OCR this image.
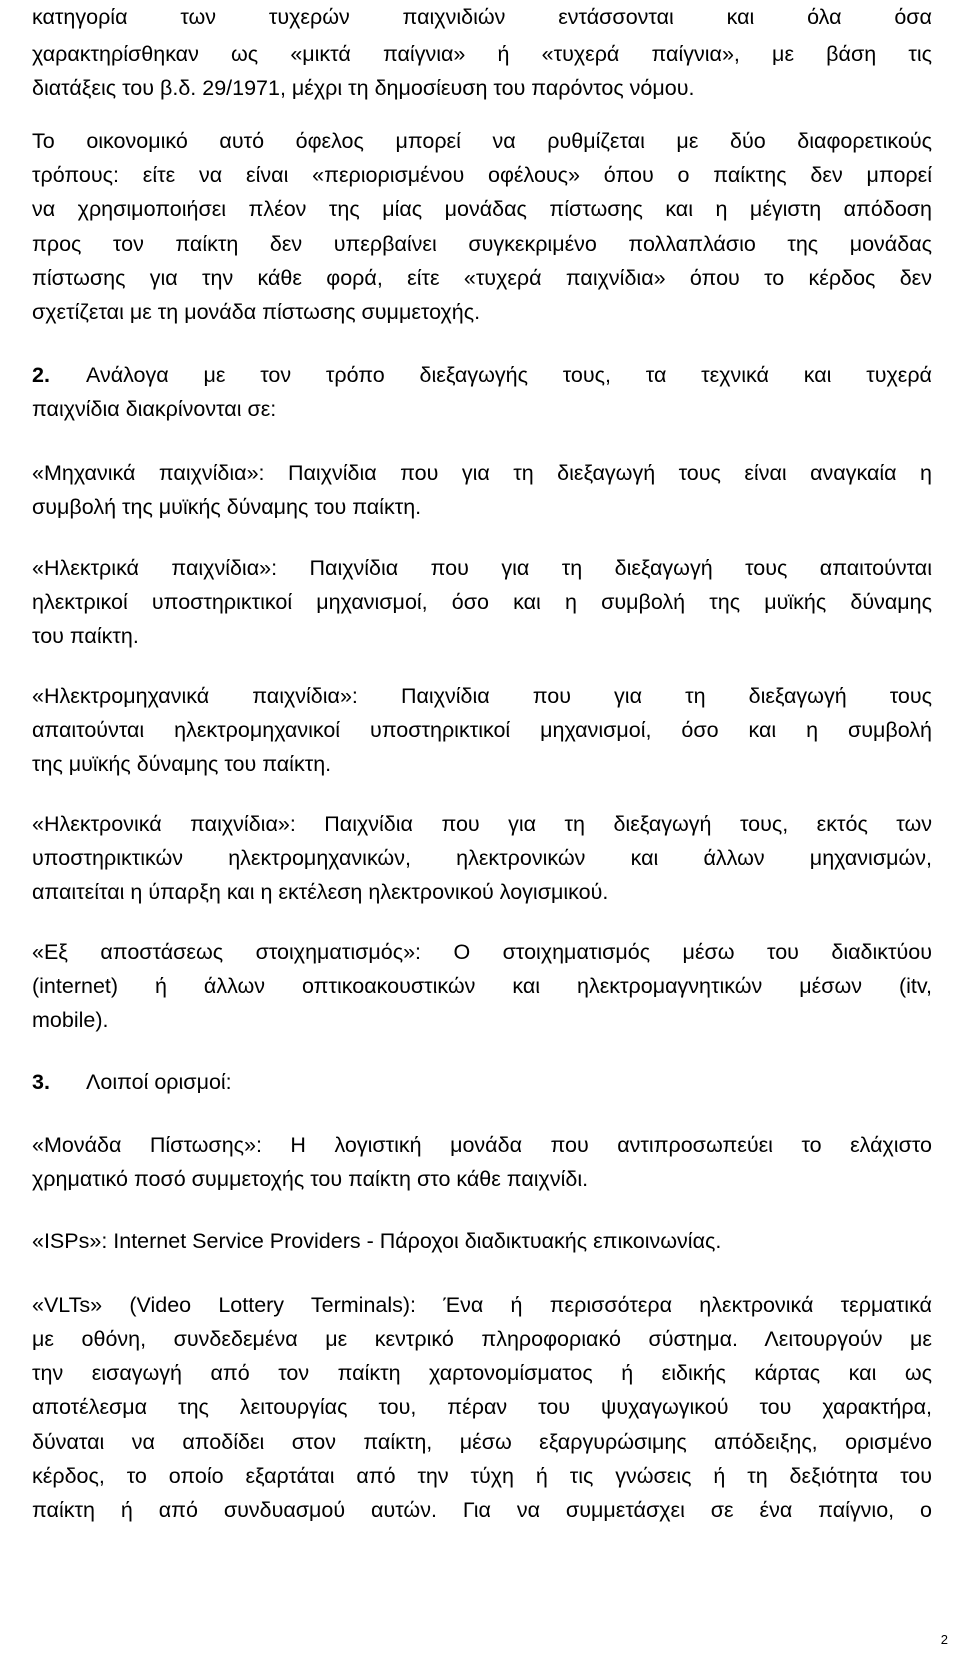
κατηγορία των τυχερών παιχνιδιών εντάσσονται και όλα όσα
χαρακτηρίσθηκαν ως «μικτά παίγνια» ή «τυχερά παίγνια», με βάση τις
διατάξεις του β.δ. 29/1971, μέχρι τη δημοσίευση του παρόντος νόμου.
Το οικονομικό αυτό όφελος μπορεί να ρυθμίζεται με δύο διαφορετικούς
τρόπους: είτε να είναι «περιορισμένου οφέλους» όπου ο παίκτης δεν μπορεί
να χρησιμοποιήσει πλέον της μίας μονάδας πίστωσης και η μέγιστη απόδοση
προς τον παίκτη δεν υπερβαίνει συγκεκριμένο πολλαπλάσιο της μονάδας
πίστωσης για την κάθε φορά, είτε «τυχερά παιχνίδια» όπου το κέρδος δεν
σχετίζεται με τη μονάδα πίστωσης συμμετοχής.
2. Ανάλογα με τον τρόπο διεξαγωγής τους, τα τεχνικά και τυχερά
παιχνίδια διακρίνονται σε:
«Μηχανικά παιχνίδια»: Παιχνίδια που για τη διεξαγωγή τους είναι αναγκαία η
συμβολή της μυϊκής δύναμης του παίκτη.
«Ηλεκτρικά παιχνίδια»: Παιχνίδια που για τη διεξαγωγή τους απαιτούνται
ηλεκτρικοί υποστηρικτικοί μηχανισμοί, όσο και η συμβολή της μυϊκής δύναμης
του παίκτη.
«Ηλεκτρομηχανικά παιχνίδια»: Παιχνίδια που για τη διεξαγωγή τους
απαιτούνται ηλεκτρομηχανικοί υποστηρικτικοί μηχανισμοί, όσο και η συμβολή
της μυϊκής δύναμης του παίκτη.
«Ηλεκτρονικά παιχνίδια»: Παιχνίδια που για τη διεξαγωγή τους, εκτός των
υποστηρικτικών ηλεκτρομηχανικών, ηλεκτρονικών και άλλων μηχανισμών,
απαιτείται η ύπαρξη και η εκτέλεση ηλεκτρονικού λογισμικού.
«Εξ αποστάσεως στοιχηματισμός»: Ο στοιχηματισμός μέσω του διαδικτύου
(internet) ή άλλων οπτικοακουστικών και ηλεκτρομαγνητικών μέσων (itv,
mobile).
3. Λοιποί ορισμοί:
«Μονάδα Πίστωσης»: Η λογιστική μονάδα που αντιπροσωπεύει το ελάχιστο
χρηματικό ποσό συμμετοχής του παίκτη στο κάθε παιχνίδι.
«ISPs»: Internet Service Providers - Πάροχοι διαδικτυακής επικοινωνίας.
«VLTs» (Video Lottery Terminals): Ένα ή περισσότερα ηλεκτρονικά τερματικά
με οθόνη, συνδεδεμένα με κεντρικό πληροφοριακό σύστημα. Λειτουργούν με
την εισαγωγή από τον παίκτη χαρτονομίσματος ή ειδικής κάρτας και ως
αποτέλεσμα της λειτουργίας του, πέραν του ψυχαγωγικού του χαρακτήρα,
δύναται να αποδίδει στον παίκτη, μέσω εξαργυρώσιμης απόδειξης, ορισμένο
κέρδος, το οποίο εξαρτάται από την τύχη ή τις γνώσεις ή τη δεξιότητα του
παίκτη ή από συνδυασμού αυτών. Για να συμμετάσχει σε ένα παίγνιο, ο
2
